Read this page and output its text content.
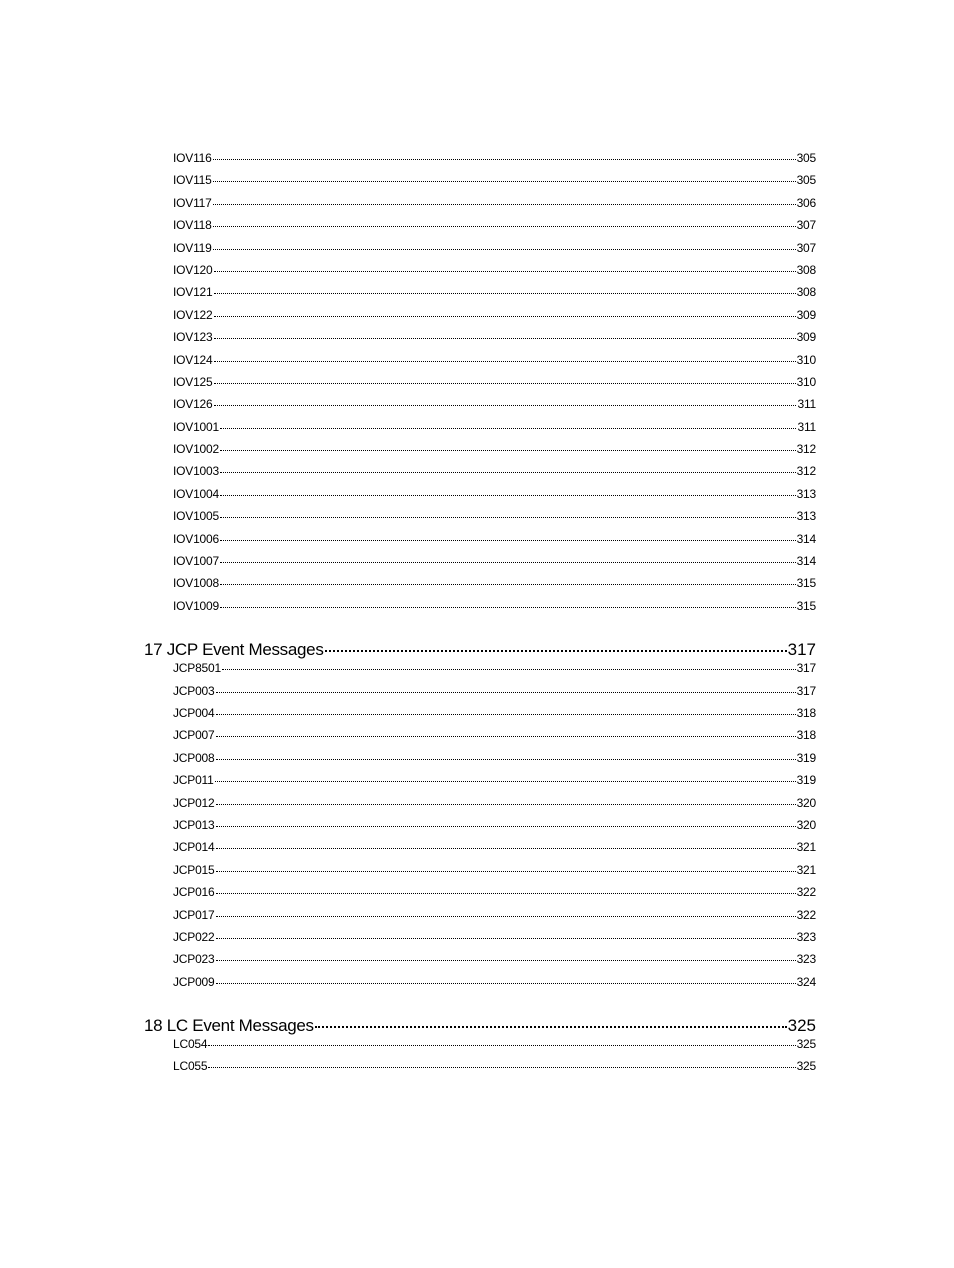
IOV116	305
IOV115	305
IOV117	306
IOV118	307
IOV119	307
IOV120	308
IOV121	308
IOV122	309
IOV123	309
IOV124	310
IOV125	310
IOV126	311
IOV1001	311
IOV1002	312
IOV1003	312
IOV1004	313
IOV1005	313
IOV1006	314
IOV1007	314
IOV1008	315
IOV1009	315
17 JCP Event Messages	317
JCP8501	317
JCP003	317
JCP004	318
JCP007	318
JCP008	319
JCP011	319
JCP012	320
JCP013	320
JCP014	321
JCP015	321
JCP016	322
JCP017	322
JCP022	323
JCP023	323
JCP009	324
18 LC Event Messages	325
LC054	325
LC055	325
